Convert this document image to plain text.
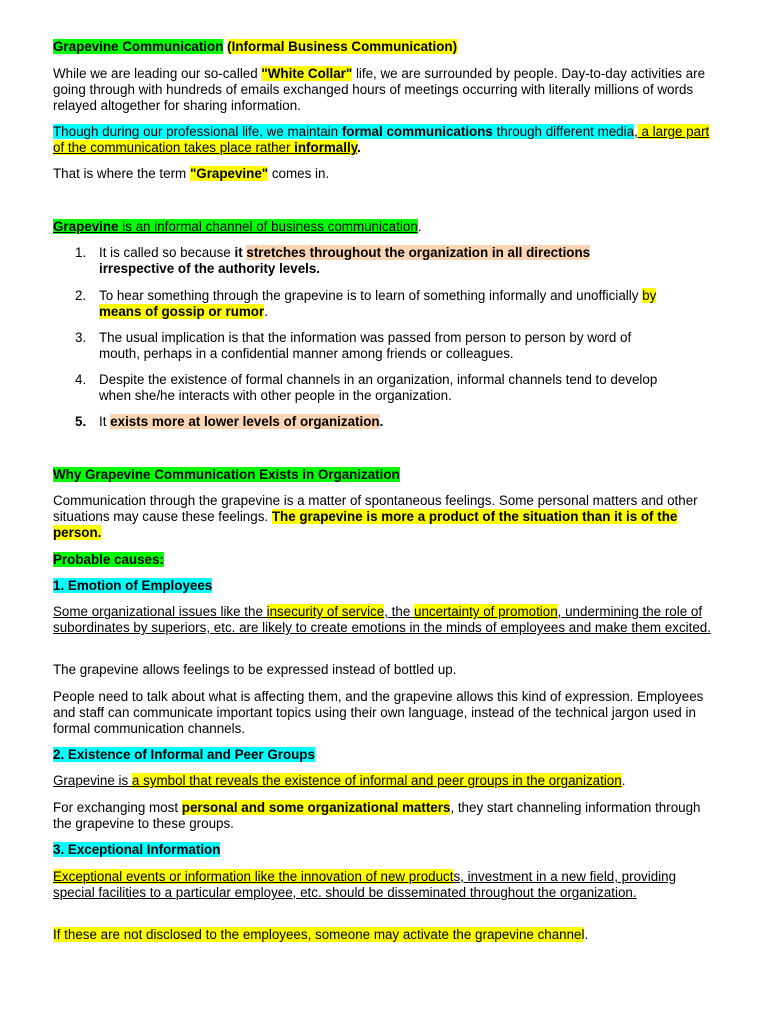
Grapevine Communication (Informal Business Communication)

While we are leading our so-called "White Collar" life, we are surrounded by people. Day-to-day activities are going through with hundreds of emails exchanged hours of meetings occurring with literally millions of words relayed altogether for sharing information.

Though during our professional life, we maintain formal communications through different media, a large part of the communication takes place rather informally.

That is where the term "Grapevine" comes in.

Grapevine is an informal channel of business communication.

1. It is called so because it stretches throughout the organization in all directions irrespective of the authority levels.
2. To hear something through the grapevine is to learn of something informally and unofficially by means of gossip or rumor.
3. The usual implication is that the information was passed from person to person by word of mouth, perhaps in a confidential manner among friends or colleagues.
4. Despite the existence of formal channels in an organization, informal channels tend to develop when she/he interacts with other people in the organization.
5. It exists more at lower levels of organization.

Why Grapevine Communication Exists in Organization

Communication through the grapevine is a matter of spontaneous feelings. Some personal matters and other situations may cause these feelings. The grapevine is more a product of the situation than it is of the person.

Probable causes:

1. Emotion of Employees

Some organizational issues like the insecurity of service, the uncertainty of promotion, undermining the role of subordinates by superiors, etc. are likely to create emotions in the minds of employees and make them excited.

The grapevine allows feelings to be expressed instead of bottled up.

People need to talk about what is affecting them, and the grapevine allows this kind of expression. Employees and staff can communicate important topics using their own language, instead of the technical jargon used in formal communication channels.

2. Existence of Informal and Peer Groups

Grapevine is a symbol that reveals the existence of informal and peer groups in the organization.

For exchanging most personal and some organizational matters, they start channeling information through the grapevine to these groups.

3. Exceptional Information

Exceptional events or information like the innovation of new products, investment in a new field, providing special facilities to a particular employee, etc. should be disseminated throughout the organization.

If these are not disclosed to the employees, someone may activate the grapevine channel.
